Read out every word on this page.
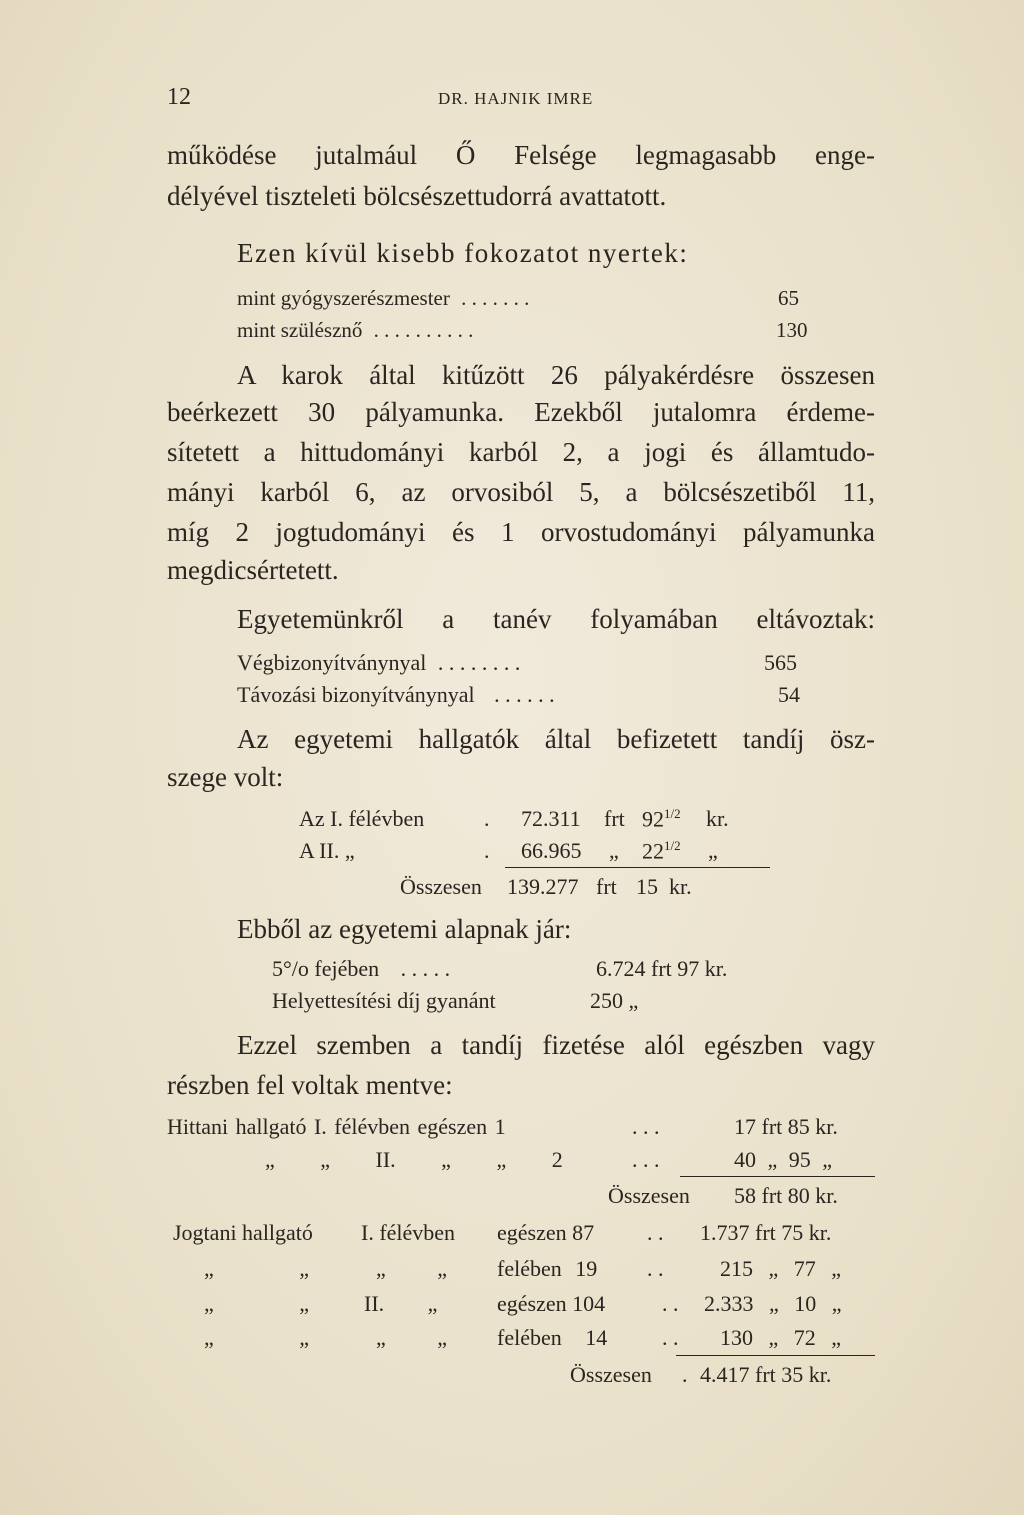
12	DR. HAJNIK IMRE
működése jutalmául Ő Felsége legmagasabb enge-
délyével tiszteleti bölcsészettudorrá avattatott.
Ezen kívül kisebb fokozatot nyertek:
mint gyógyszerészmester . . . . . . .	65
mint szülésznő . . . . . . . . . .	130
A karok által kitűzött 26 pályakérdésre összesen
beérkezett 30 pályamunka. Ezekből jutalomra érdeme-
sítetett a hittudományi karból 2, a jogi és államtudo-
mányi karból 6, az orvosiból 5, a bölcsészetiből 11,
míg 2 jogtudományi és 1 orvostudományi pályamunka
megdicsértetett.
Egyetemünkről a tanév folyamában eltávoztak:
Végbizonyítványnyal . . . . . . . .	565
Távozási bizonyítványnyal . . . . . .	54
Az egyetemi hallgatók által befizetett tandíj ösz-
szege volt:
Az I. félévben	. 72.311 frt $92^{1/2}$ kr.
A II. „	. 66.965 „ $22^{1/2}$ „
Összesen 139.277 frt 15 kr.
Ebből az egyetemi alapnak jár:
5°/o fejében . . . . .	6.724 frt 97 kr.
Helyettesítési díj gyanánt	250 „
Ezzel szemben a tandíj fizetése alól egészben vagy
részben fel voltak mentve:
Hittani hallgató I. félévben egészen 1	. . .	17 frt 85 kr.
„ „ II. „ „ 2	. . .	40 „ 95 „
Összesen 58 frt 80 kr.
Jogtani hallgató I. félévben egészen 87 . . 1.737 frt 75 kr.
„ „	„ „ felében 19 . .	215 „ 77 „
„ „ II. „	egészen 104	. . 2.333 „ 10 „
„ „	„ „ felében 14 . . 130 „ 72 „
Összesen . 4.417 frt 35 kr.
